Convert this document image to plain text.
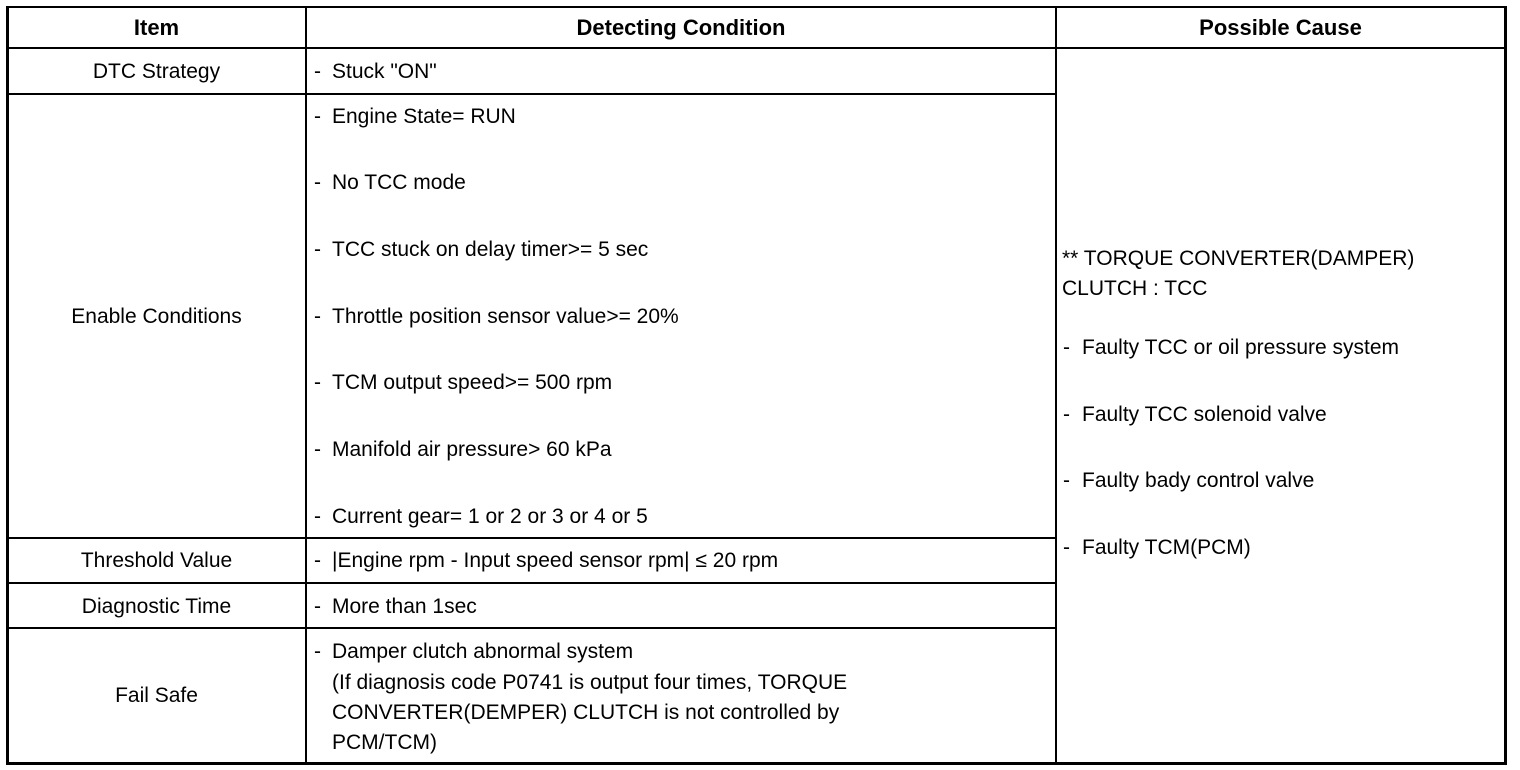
Item	Detecting Condition	Possible Cause
DTC Strategy
Enable Conditions
Threshold Value
Diagnostic Time
Fail Safe
- Stuck "ON"
- Engine State= RUN
- No TCC mode
- TCC stuck on delay timer>= 5 sec
- Throttle position sensor value>= 20%
- TCM output speed>= 500 rpm
- Manifold air pressure> 60 kPa
- Current gear= 1 or 2 or 3 or 4 or 5
- |Engine rpm - Input speed sensor rpm| ≤ 20 rpm
- More than 1sec
- Damper clutch abnormal system
(If diagnosis code P0741 is output four times, TORQUE
CONVERTER(DEMPER) CLUTCH is not controlled by
PCM/TCM)
** TORQUE CONVERTER(DAMPER)
CLUTCH : TCC
- Faulty TCC or oil pressure system
- Faulty TCC solenoid valve
- Faulty badу control valve
- Faulty TCM(PCM)
